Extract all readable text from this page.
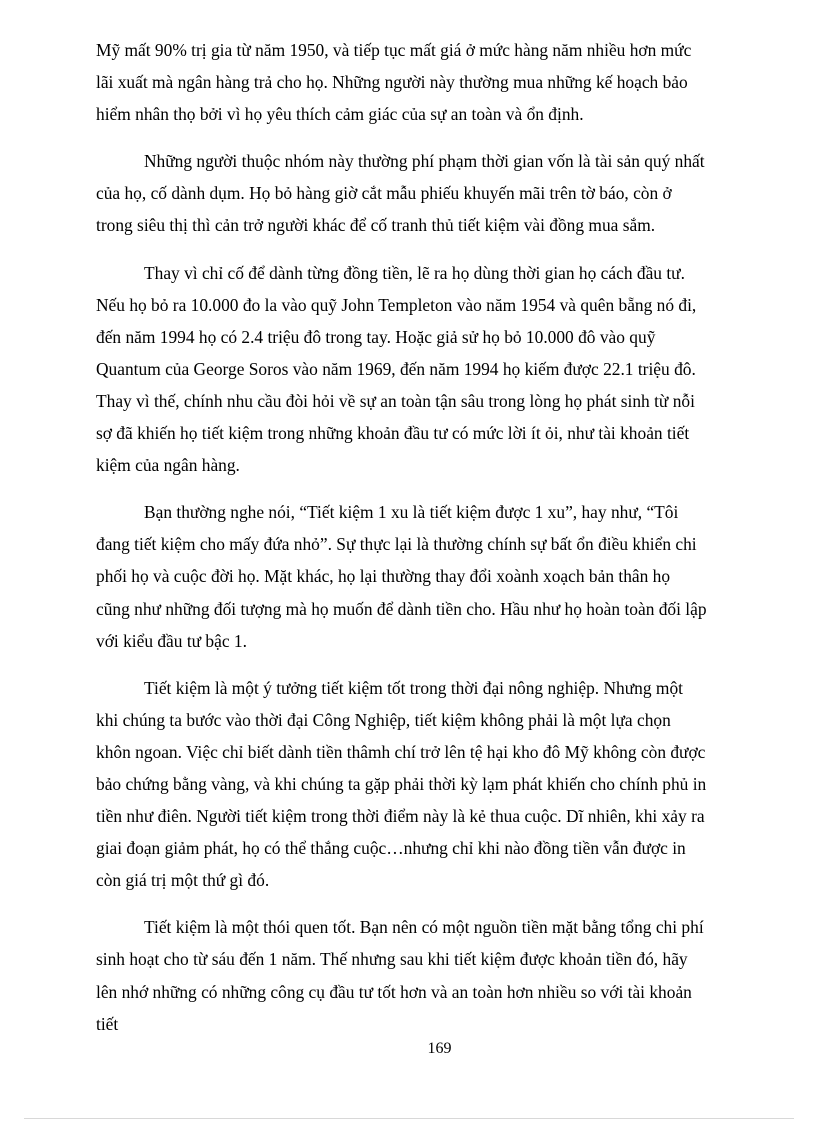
Mỹ mất 90% trị gia từ năm 1950, và tiếp tục mất giá ở mức hàng năm nhiều hơn mức lãi xuất mà ngân hàng trả cho họ. Những người này thường mua những kế hoạch bảo hiểm nhân thọ bởi vì họ yêu thích cảm giác của sự an toàn và ổn định.

Những người thuộc nhóm này thường phí phạm thời gian vốn là tài sản quý nhất của họ, cố dành dụm. Họ bỏ hàng giờ cắt mẫu phiếu khuyến mãi trên tờ báo, còn ở trong siêu thị thì cản trở người khác để cố tranh thủ tiết kiệm vài đồng mua sắm.

Thay vì chỉ cố để dành từng đồng tiền, lẽ ra họ dùng thời gian họ cách đầu tư. Nếu họ bỏ ra 10.000 đo la vào quỹ John Templeton vào năm 1954 và quên bẵng nó đi, đến năm 1994 họ có 2.4 triệu đô trong tay. Hoặc giả sử họ bỏ 10.000 đô vào quỹ Quantum của George Soros vào năm 1969, đến năm 1994 họ kiếm được 22.1 triệu đô. Thay vì thế, chính nhu cầu đòi hỏi về sự an toàn tận sâu trong lòng họ phát sinh từ nỗi sợ đã khiến họ tiết kiệm trong những khoản đầu tư có mức lời ít ỏi, như tài khoản tiết kiệm của ngân hàng.

Bạn thường nghe nói, “Tiết kiệm 1 xu là tiết kiệm được 1 xu”, hay như, “Tôi đang tiết kiệm cho mấy đứa nhỏ”. Sự thực lại là thường chính sự bất ổn điều khiển chi phối họ và cuộc đời họ. Mặt khác, họ lại thường thay đổi xoành xoạch bản thân họ cũng như những đối tượng mà họ muốn để dành tiền cho. Hầu như họ hoàn toàn đối lập với kiểu đầu tư bậc 1.

Tiết kiệm là một ý tưởng tiết kiệm tốt trong thời đại nông nghiệp. Nhưng một khi chúng ta bước vào thời đại Công Nghiệp, tiết kiệm không phải là một lựa chọn khôn ngoan. Việc chỉ biết dành tiền thâmh chí trở lên tệ hại kho đô Mỹ không còn được bảo chứng bằng vàng, và khi chúng ta gặp phải thời kỳ lạm phát khiến cho chính phủ in tiền như điên. Người tiết kiệm trong thời điểm này là kẻ thua cuộc. Dĩ nhiên, khi xảy ra giai đoạn giảm phát, họ có thể thắng cuộc…nhưng chỉ khi nào đồng tiền vẫn được in còn giá trị một thứ gì đó.

Tiết kiệm là một thói quen tốt. Bạn nên có một nguồn tiền mặt bằng tổng chi phí sinh hoạt cho từ sáu đến 1 năm. Thế nhưng sau khi tiết kiệm được khoản tiền đó, hãy lên nhớ những có những công cụ đầu tư tốt hơn và an toàn hơn nhiều so với tài khoản tiết

169
